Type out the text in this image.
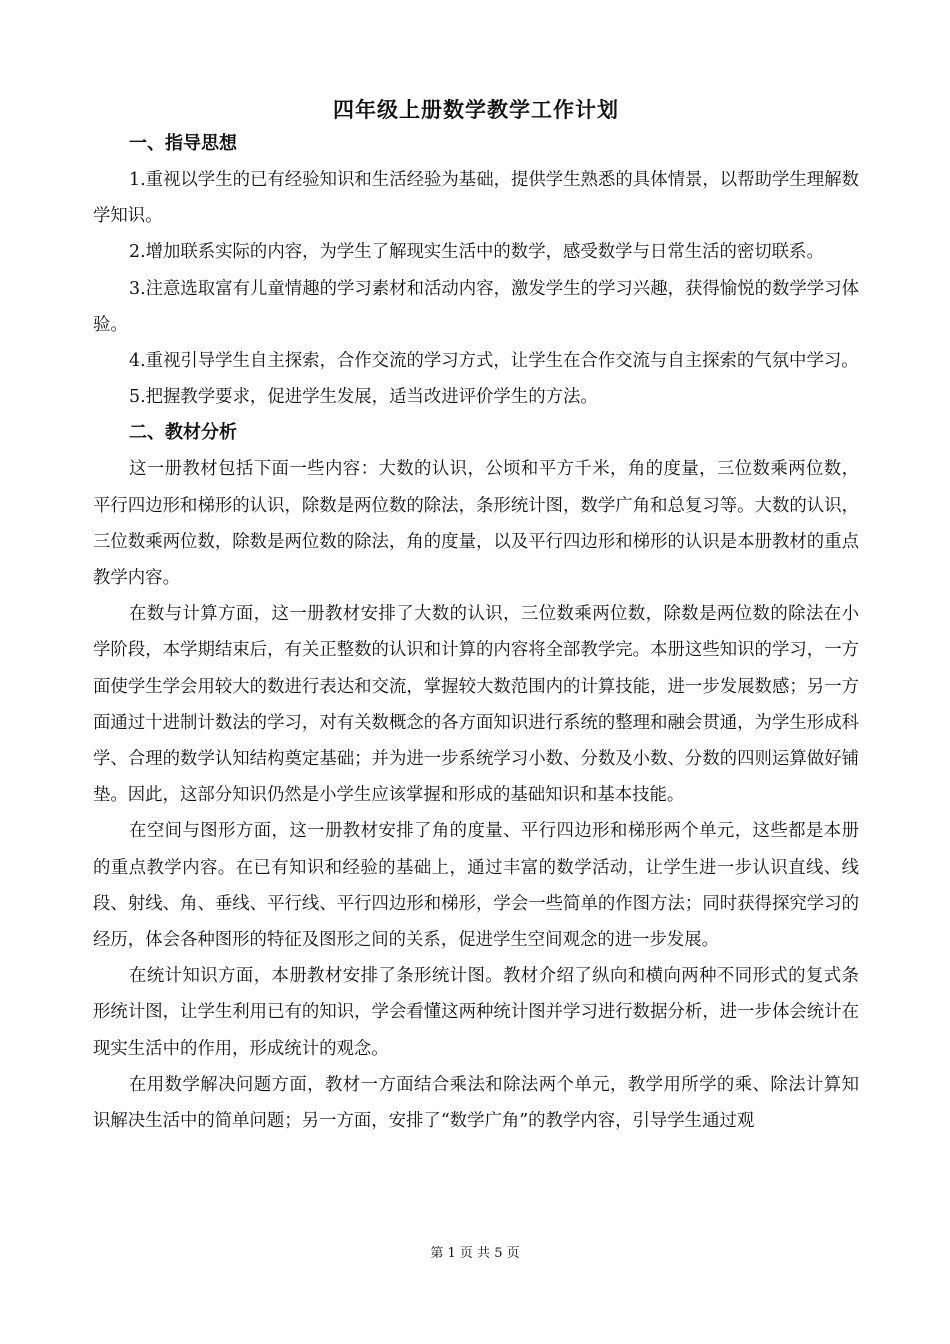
四年级上册数学教学工作计划
一、指导思想

1.重视以学生的已有经验知识和生活经验为基础，提供学生熟悉的具体情景，以帮助学生理解数学知识。

2.增加联系实际的内容，为学生了解现实生活中的数学，感受数学与日常生活的密切联系。

3.注意选取富有儿童情趣的学习素材和活动内容，激发学生的学习兴趣，获得愉悦的数学学习体验。

4.重视引导学生自主探索，合作交流的学习方式，让学生在合作交流与自主探索的气氛中学习。

5.把握教学要求，促进学生发展，适当改进评价学生的方法。

二、教材分析

这一册教材包括下面一些内容：大数的认识，公顷和平方千米，角的度量，三位数乘两位数，平行四边形和梯形的认识，除数是两位数的除法，条形统计图，数学广角和总复习等。大数的认识，三位数乘两位数，除数是两位数的除法，角的度量，以及平行四边形和梯形的认识是本册教材的重点教学内容。

在数与计算方面，这一册教材安排了大数的认识，三位数乘两位数，除数是两位数的除法在小学阶段，本学期结束后，有关正整数的认识和计算的内容将全部教学完。本册这些知识的学习，一方面使学生学会用较大的数进行表达和交流，掌握较大数范围内的计算技能，进一步发展数感；另一方面通过十进制计数法的学习，对有关数概念的各方面知识进行系统的整理和融会贯通，为学生形成科学、合理的数学认知结构奠定基础；并为进一步系统学习小数、分数及小数、分数的四则运算做好铺垫。因此，这部分知识仍然是小学生应该掌握和形成的基础知识和基本技能。

在空间与图形方面，这一册教材安排了角的度量、平行四边形和梯形两个单元，这些都是本册的重点教学内容。在已有知识和经验的基础上，通过丰富的数学活动，让学生进一步认识直线、线段、射线、角、垂线、平行线、平行四边形和梯形，学会一些简单的作图方法；同时获得探究学习的经历，体会各种图形的特征及图形之间的关系，促进学生空间观念的进一步发展。

在统计知识方面，本册教材安排了条形统计图。教材介绍了纵向和横向两种不同形式的复式条形统计图，让学生利用已有的知识，学会看懂这两种统计图并学习进行数据分析，进一步体会统计在现实生活中的作用，形成统计的观念。

在用数学解决问题方面，教材一方面结合乘法和除法两个单元，教学用所学的乘、除法计算知识解决生活中的简单问题；另一方面，安排了“数学广角”的教学内容，引导学生通过观

第 1 页 共 5 页
